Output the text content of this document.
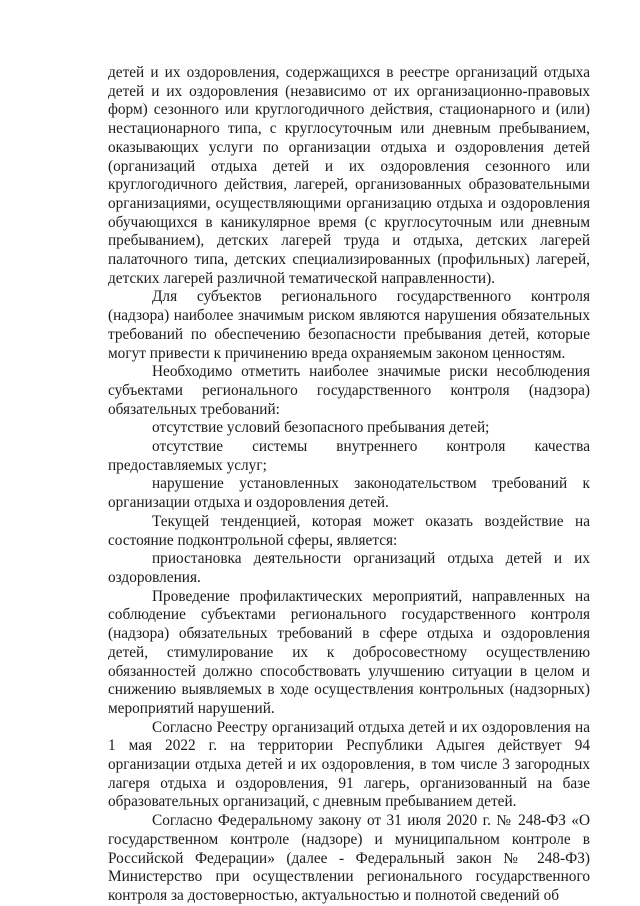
детей и их оздоровления, содержащихся в реестре организаций отдыха детей и их оздоровления (независимо от их организационно-правовых форм) сезонного или круглогодичного действия, стационарного и (или) нестационарного типа, с круглосуточным или дневным пребыванием, оказывающих услуги по организации отдыха и оздоровления детей (организаций отдыха детей и их оздоровления сезонного или круглогодичного действия, лагерей, организованных образовательными организациями, осуществляющими организацию отдыха и оздоровления обучающихся в каникулярное время (с круглосуточным или дневным пребыванием), детских лагерей труда и отдыха, детских лагерей палаточного типа, детских специализированных (профильных) лагерей, детских лагерей различной тематической направленности).

Для субъектов регионального государственного контроля (надзора) наиболее значимым риском являются нарушения обязательных требований по обеспечению безопасности пребывания детей, которые могут привести к причинению вреда охраняемым законом ценностям.

Необходимо отметить наиболее значимые риски несоблюдения субъектами регионального государственного контроля (надзора) обязательных требований:

отсутствие условий безопасного пребывания детей;

отсутствие системы внутреннего контроля качества предоставляемых услуг;

нарушение установленных законодательством требований к организации отдыха и оздоровления детей.

Текущей тенденцией, которая может оказать воздействие на состояние подконтрольной сферы, является:

приостановка деятельности организаций отдыха детей и их оздоровления.

Проведение профилактических мероприятий, направленных на соблюдение субъектами регионального государственного контроля (надзора) обязательных требований в сфере отдыха и оздоровления детей, стимулирование их к добросовестному осуществлению обязанностей должно способствовать улучшению ситуации в целом и снижению выявляемых в ходе осуществления контрольных (надзорных) мероприятий нарушений.

Согласно Реестру организаций отдыха детей и их оздоровления на 1 мая 2022 г. на территории Республики Адыгея действует 94 организации отдыха детей и их оздоровления, в том числе 3 загородных лагеря отдыха и оздоровления, 91 лагерь, организованный на базе образовательных организаций, с дневным пребыванием детей.

Согласно Федеральному закону от 31 июля 2020 г. № 248-ФЗ «О государственном контроле (надзоре) и муниципальном контроле в Российской Федерации» (далее - Федеральный закон № 248-ФЗ) Министерство при осуществлении регионального государственного контроля за достоверностью, актуальностью и полнотой сведений об
